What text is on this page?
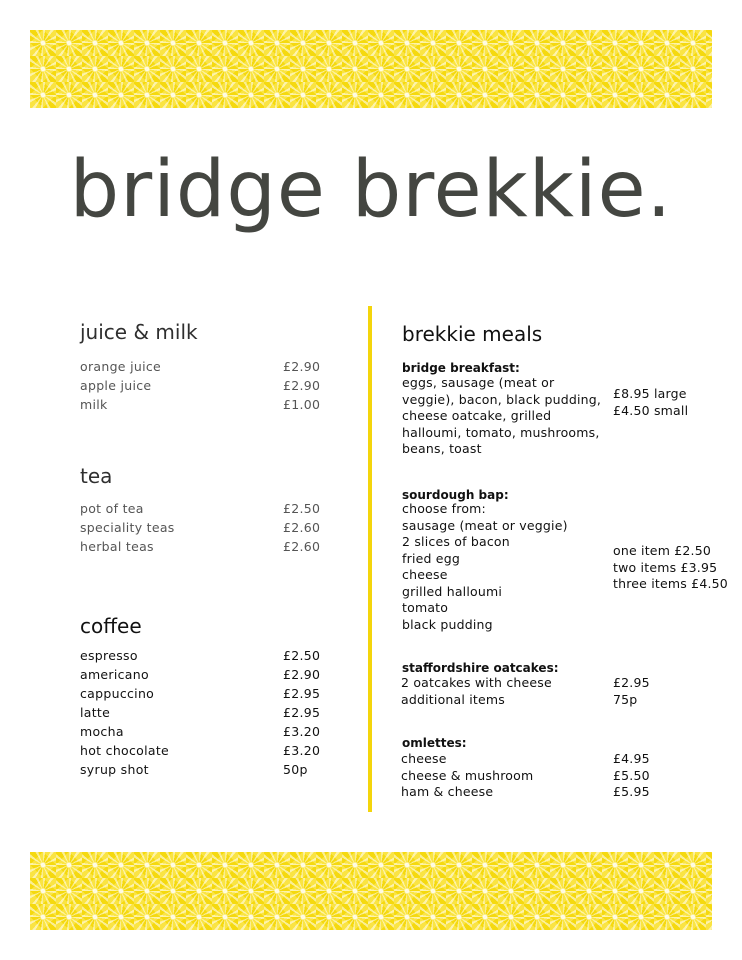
bridge brekkie.
juice & milk
orange juice	£2.90
apple juice	£2.90
milk	£1.00
tea
pot of tea	£2.50
speciality teas	£2.60
herbal teas	£2.60
coffee
espresso	£2.50
americano	£2.90
cappuccino	£2.95
latte	£2.95
mocha	£3.20
hot chocolate	£3.20
syrup shot	50p
brekkie meals
bridge breakfast:
eggs, sausage (meat or
veggie), bacon, black pudding,
cheese oatcake, grilled
halloumi, tomato, mushrooms,
beans, toast
£8.95 large
£4.50 small
sourdough bap:
choose from:
sausage (meat or veggie)
2 slices of bacon
fried egg
cheese
grilled halloumi
tomato
black pudding
one item £2.50
two items £3.95
three items £4.50
staffordshire oatcakes:
2 oatcakes with cheese	£2.95
additional items	75p
omlettes:
cheese	£4.95
cheese & mushroom	£5.50
ham & cheese	£5.95
